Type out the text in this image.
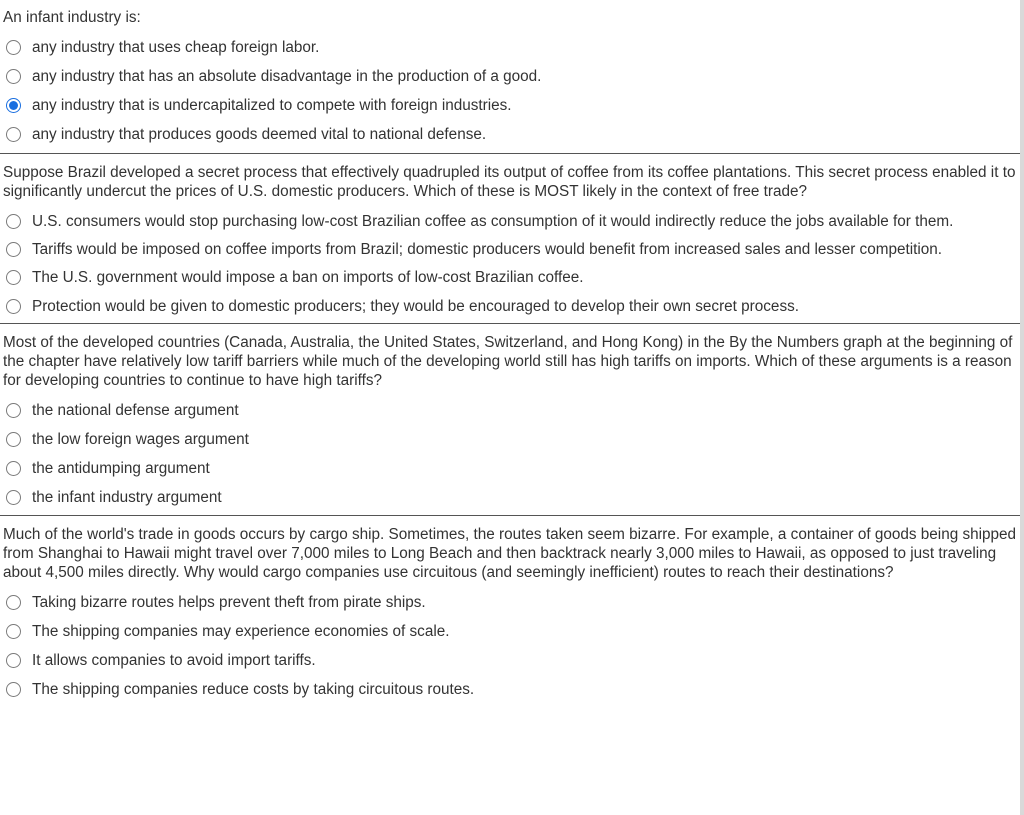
An infant industry is:
any industry that uses cheap foreign labor.
any industry that has an absolute disadvantage in the production of a good.
any industry that is undercapitalized to compete with foreign industries.
any industry that produces goods deemed vital to national defense.
Suppose Brazil developed a secret process that effectively quadrupled its output of coffee from its coffee plantations. This secret process enabled it to significantly undercut the prices of U.S. domestic producers. Which of these is MOST likely in the context of free trade?
U.S. consumers would stop purchasing low-cost Brazilian coffee as consumption of it would indirectly reduce the jobs available for them.
Tariffs would be imposed on coffee imports from Brazil; domestic producers would benefit from increased sales and lesser competition.
The U.S. government would impose a ban on imports of low-cost Brazilian coffee.
Protection would be given to domestic producers; they would be encouraged to develop their own secret process.
Most of the developed countries (Canada, Australia, the United States, Switzerland, and Hong Kong) in the By the Numbers graph at the beginning of the chapter have relatively low tariff barriers while much of the developing world still has high tariffs on imports. Which of these arguments is a reason for developing countries to continue to have high tariffs?
the national defense argument
the low foreign wages argument
the antidumping argument
the infant industry argument
Much of the world's trade in goods occurs by cargo ship. Sometimes, the routes taken seem bizarre. For example, a container of goods being shipped from Shanghai to Hawaii might travel over 7,000 miles to Long Beach and then backtrack nearly 3,000 miles to Hawaii, as opposed to just traveling about 4,500 miles directly. Why would cargo companies use circuitous (and seemingly inefficient) routes to reach their destinations?
Taking bizarre routes helps prevent theft from pirate ships.
The shipping companies may experience economies of scale.
It allows companies to avoid import tariffs.
The shipping companies reduce costs by taking circuitous routes.
